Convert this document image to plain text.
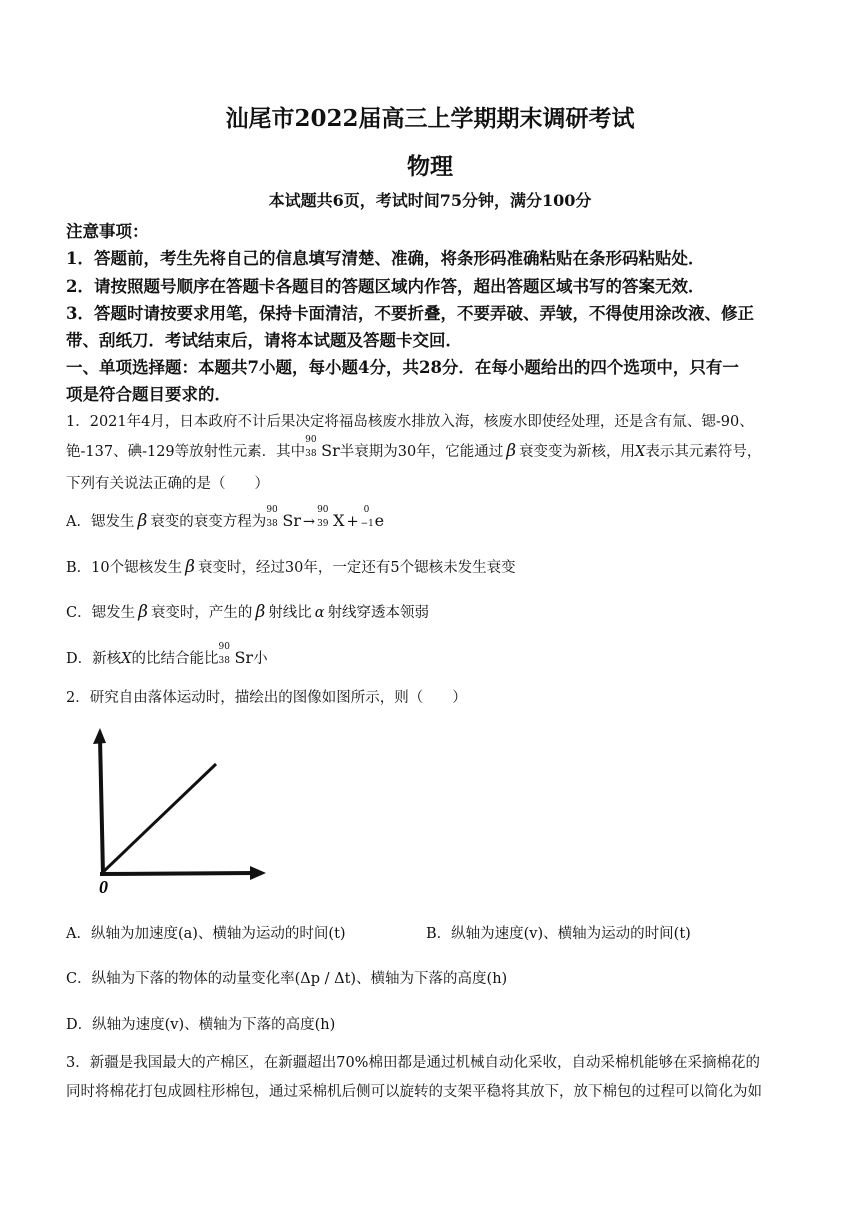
汕尾市2022届高三上学期期末调研考试
物理
本试题共6页，考试时间75分钟，满分100分
注意事项：
1．答题前，考生先将自己的信息填写清楚、准确，将条形码准确粘贴在条形码粘贴处．
2．请按照题号顺序在答题卡各题目的答题区域内作答，超出答题区域书写的答案无效．
3．答题时请按要求用笔，保持卡面清洁，不要折叠，不要弄破、弄皱，不得使用涂改液、修正
带、刮纸刀．考试结束后，请将本试题及答题卡交回．
一、单项选择题：本题共7小题，每小题4分，共28分．在每小题给出的四个选项中，只有一
项是符合题目要求的．
1．2021年4月，日本政府不计后果决定将福岛核废水排放入海，核废水即使经处理，还是含有氚、锶-90、
铯-137、碘-129等放射性元素．其中
90
38 Sr半衰期为30年，它能通过 β 衰变变为新核，用X表示其元素符号，
下列有关说法正确的是（　　）
A．锶发生 β 衰变的衰变方程为
90
38 Sr →
90
39 X +
0
−1 e
B．10个锶核发生 β 衰变时，经过30年，一定还有5个锶核未发生衰变
C．锶发生 β 衰变时，产生的 β 射线比 α 射线穿透本领弱
D．新核X的比结合能比
90
38 Sr小
2．研究自由落体运动时，描绘出的图像如图所示，则（　　）
0
A．纵轴为加速度(a)、横轴为运动的时间(t)	B．纵轴为速度(v)、横轴为运动的时间(t)
C．纵轴为下落的物体的动量变化率(Δp / Δt)、横轴为下落的高度(h)
D．纵轴为速度(v)、横轴为下落的高度(h)
3．新疆是我国最大的产棉区，在新疆超出70%棉田都是通过机械自动化采收，自动采棉机能够在采摘棉花的
同时将棉花打包成圆柱形棉包，通过采棉机后侧可以旋转的支架平稳将其放下，放下棉包的过程可以简化为如
